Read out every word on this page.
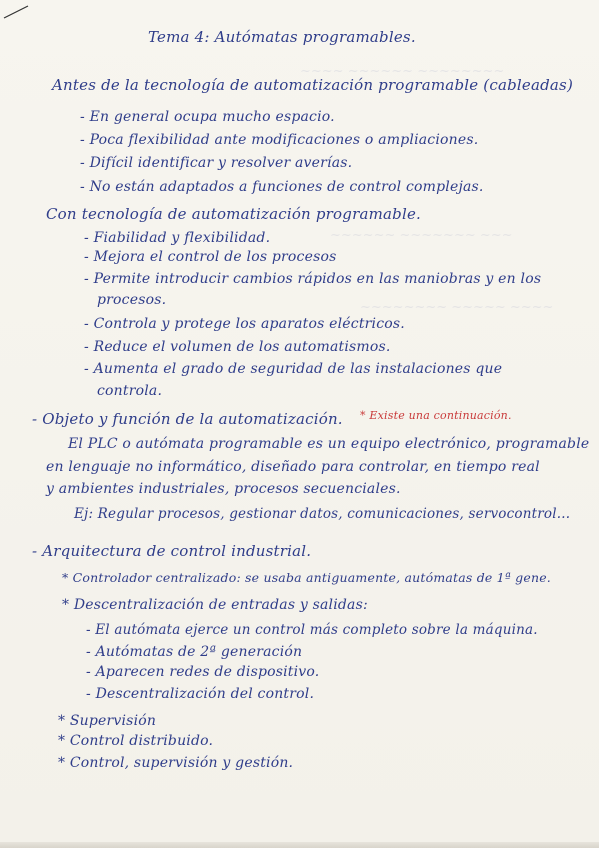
~~~~ ~~~~~~ ~~~~~~~~
~~~~~~ ~~~~~~~ ~~~
~~~~~~~~ ~~~~~ ~~~~
Tema 4: Autómatas programables.
Antes de la tecnología de automatización programable (cableadas)
- En general ocupa mucho espacio.
- Poca flexibilidad ante modificaciones o ampliaciones.
- Difícil identificar y resolver averías.
- No están adaptados a funciones de control complejas.
Con tecnología de automatización programable.
- Fiabilidad y flexibilidad.
- Mejora el control de los procesos
- Permite introducir cambios rápidos en las maniobras y en los
procesos.
- Controla y protege los aparatos eléctricos.
- Reduce el volumen de los automatismos.
- Aumenta el grado de seguridad de las instalaciones que
controla.
- Objeto y función de la automatización. * Existe una continuación.
El PLC o autómata programable es un equipo electrónico, programable
en lenguaje no informático, diseñado para controlar, en tiempo real
y ambientes industriales, procesos secuenciales.
Ej: Regular procesos, gestionar datos, comunicaciones, servocontrol...
- Arquitectura de control industrial.
* Controlador centralizado: se usaba antiguamente, autómatas de 1ª gene.
* Descentralización de entradas y salidas:
- El autómata ejerce un control más completo sobre la máquina.
- Autómatas de 2ª generación
- Aparecen redes de dispositivo.
- Descentralización del control.
* Supervisión
* Control distribuido.
* Control, supervisión y gestión.
